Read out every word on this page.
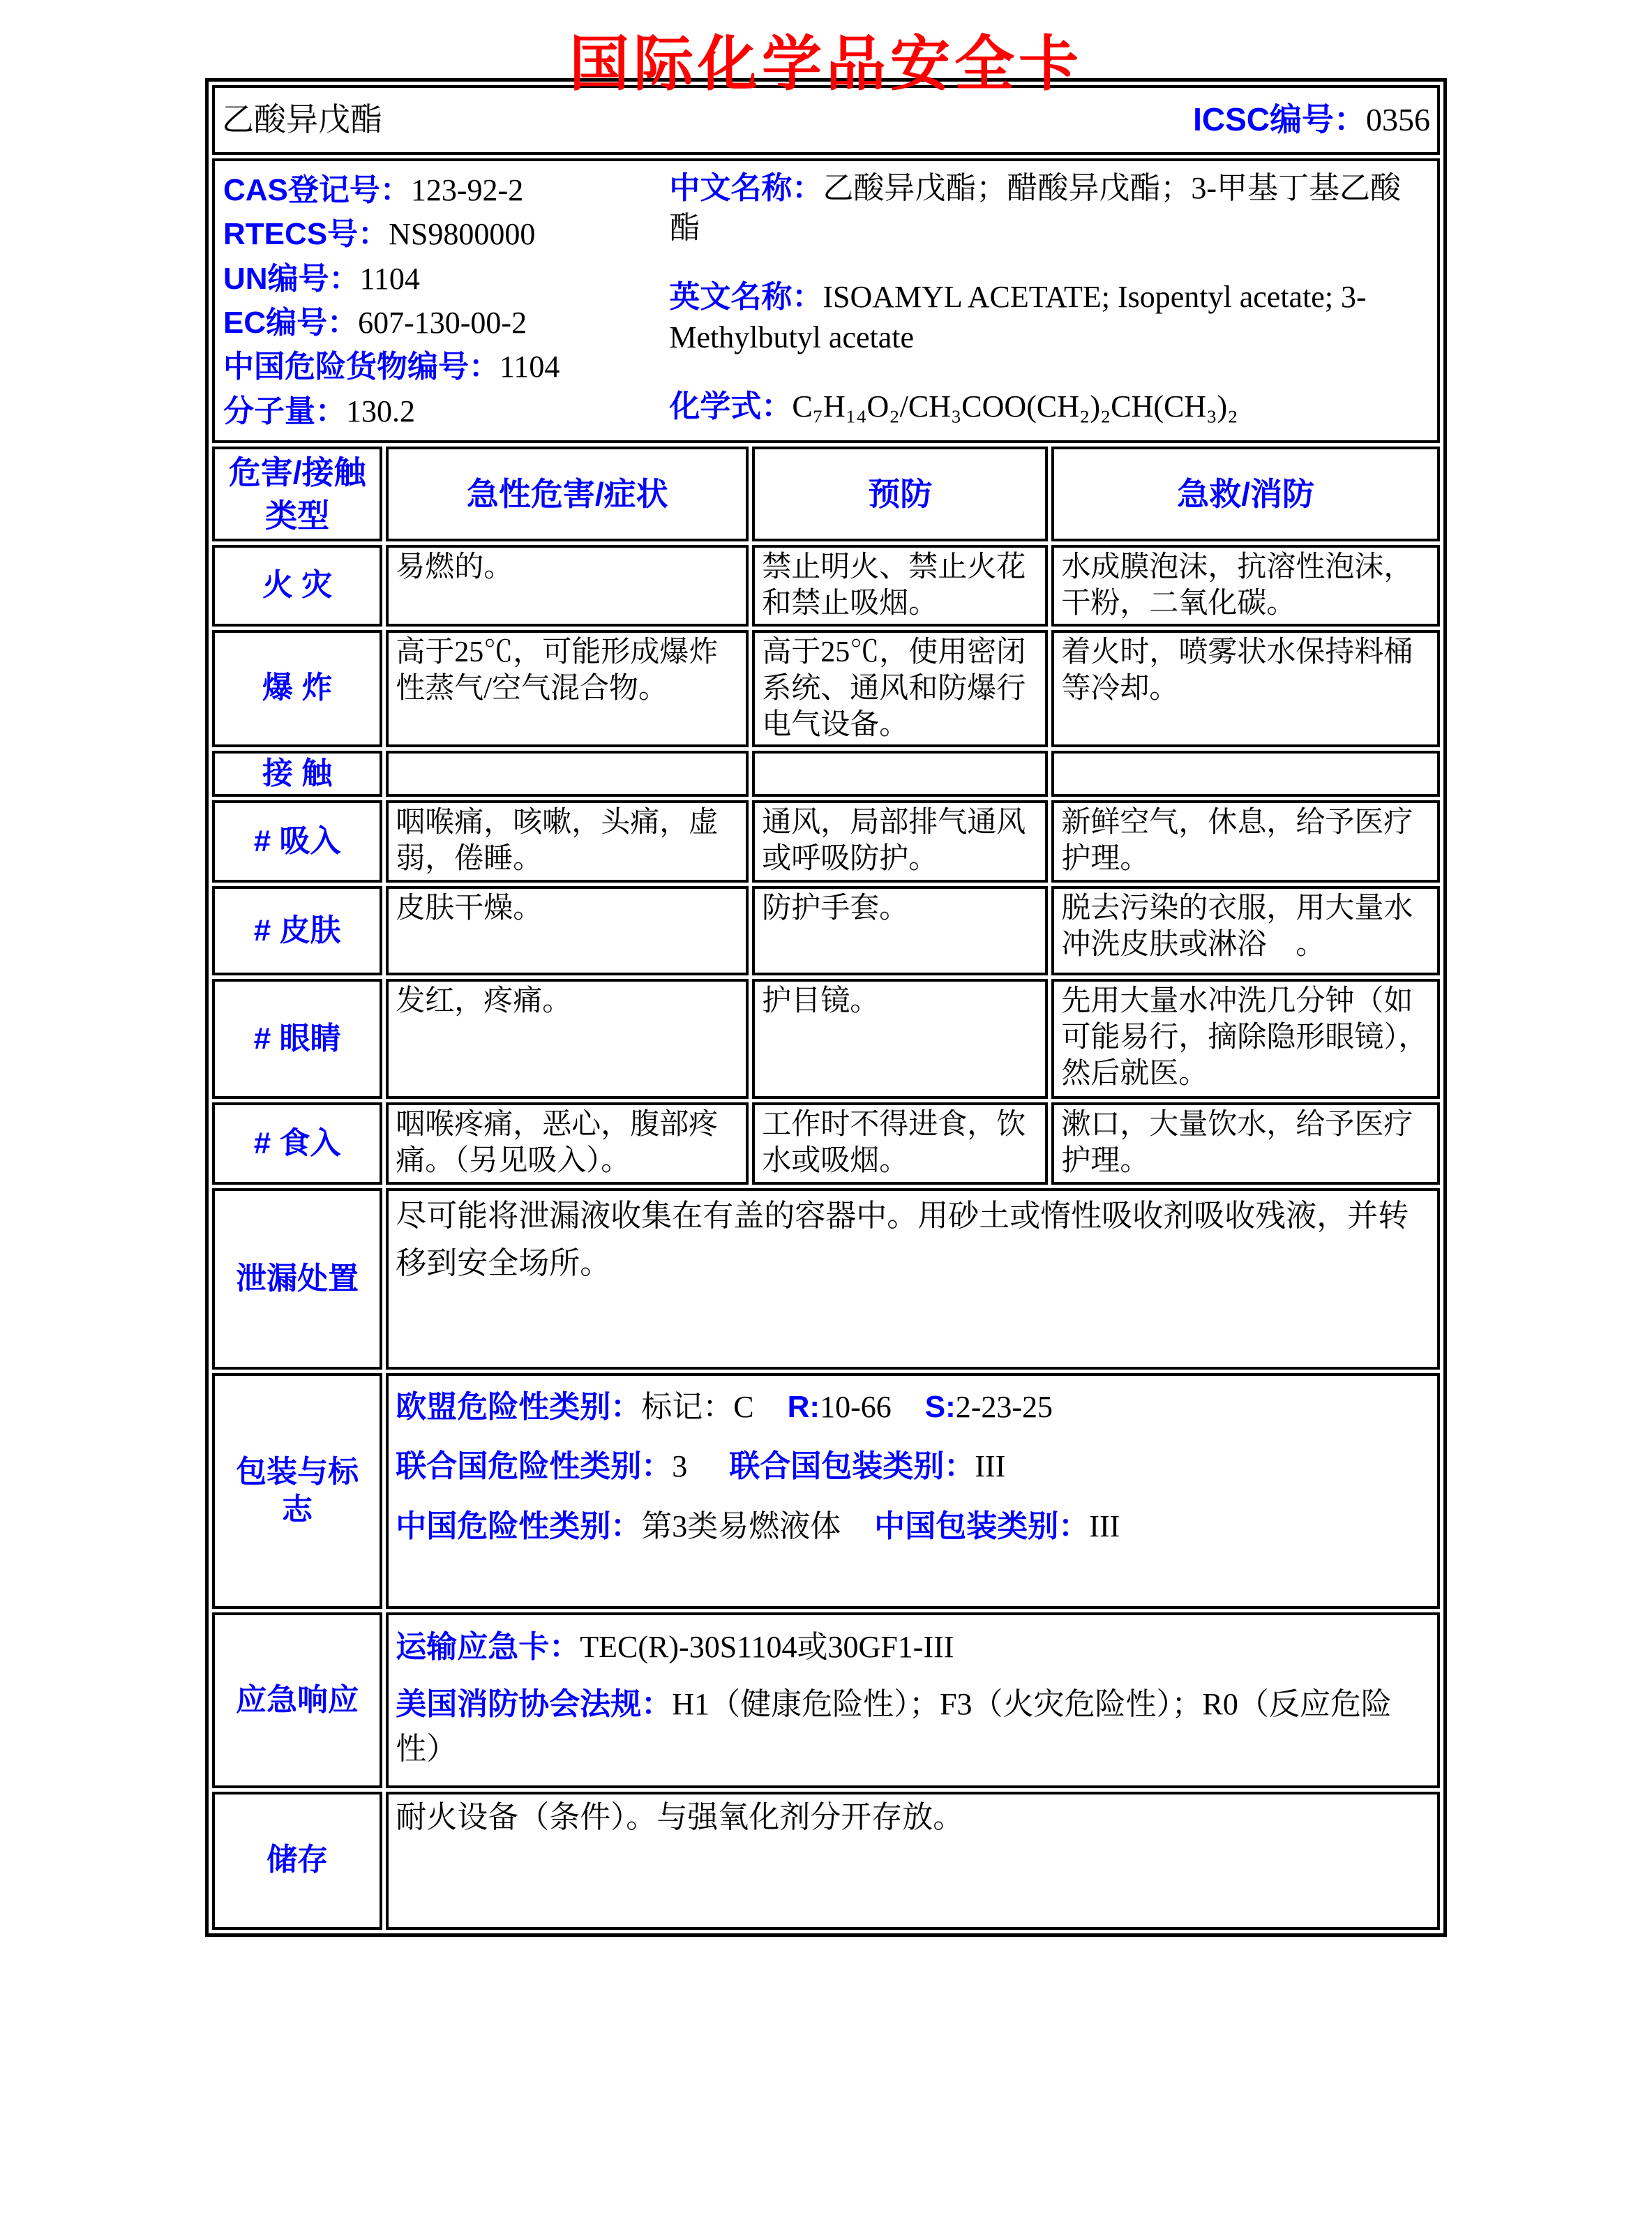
国际化学品安全卡
乙酸异戊酯 ICSC编号：0356			

CAS登记号：123-92-2
RTECS号：NS9800000
UN编号：1104
EC编号：607-130-00-2
中国危险货物编号：1104
分子量：130.2
中文名称：乙酸异戊酯；醋酸异戊酯；3-甲基丁基乙酸酯
英文名称：ISOAMYL ACETATE; Isopentyl acetate; 3-Methylbutyl acetate
化学式：C₇H₁₄O₂/CH₃COO(CH₂)₂CH(CH₃)₂

危害/接触 类型	急性危害/症状	预防	急救/消防
火 灾	易燃的。	禁止明火、禁止火花和禁止吸烟。	水成膜泡沫，抗溶性泡沫，干粉，二氧化碳。
爆 炸	高于25℃，可能形成爆炸性蒸气/空气混合物。	高于25℃，使用密闭系统、通风和防爆行电气设备。	着火时，喷雾状水保持料桶等冷却。
接 触			
# 吸入	咽喉痛，咳嗽，头痛，虚弱，倦睡。	通风，局部排气通风或呼吸防护。	新鲜空气，休息，给予医疗护理。
# 皮肤	皮肤干燥。	防护手套。	脱去污染的衣服，用大量水冲洗皮肤或淋浴　。
# 眼睛	发红，疼痛。	护目镜。	先用大量水冲洗几分钟（如可能易行，摘除隐形眼镜），然后就医。
# 食入	咽喉疼痛，恶心，腹部疼痛。（另见吸入）。	工作时不得进食，饮水或吸烟。	漱口，大量饮水，给予医疗护理。
泄漏处置	尽可能将泄漏液收集在有盖的容器中。用砂土或惰性吸收剂吸收残液，并转移到安全场所。		

包装与标志	欧盟危险性类别：标记：C R:10-66 S:2-23-25
联合国危险性类别：3 联合国包装类别：III
中国危险性类别：第3类易燃液体 中国包装类别：III		

应急响应	运输应急卡：TEC(R)-30S1104或30GF1-III
美国消防协会法规：H1（健康危险性）；F3（火灾危险性）；R0（反应危险性）		

储存	耐火设备（条件）。与强氧化剂分开存放。		
